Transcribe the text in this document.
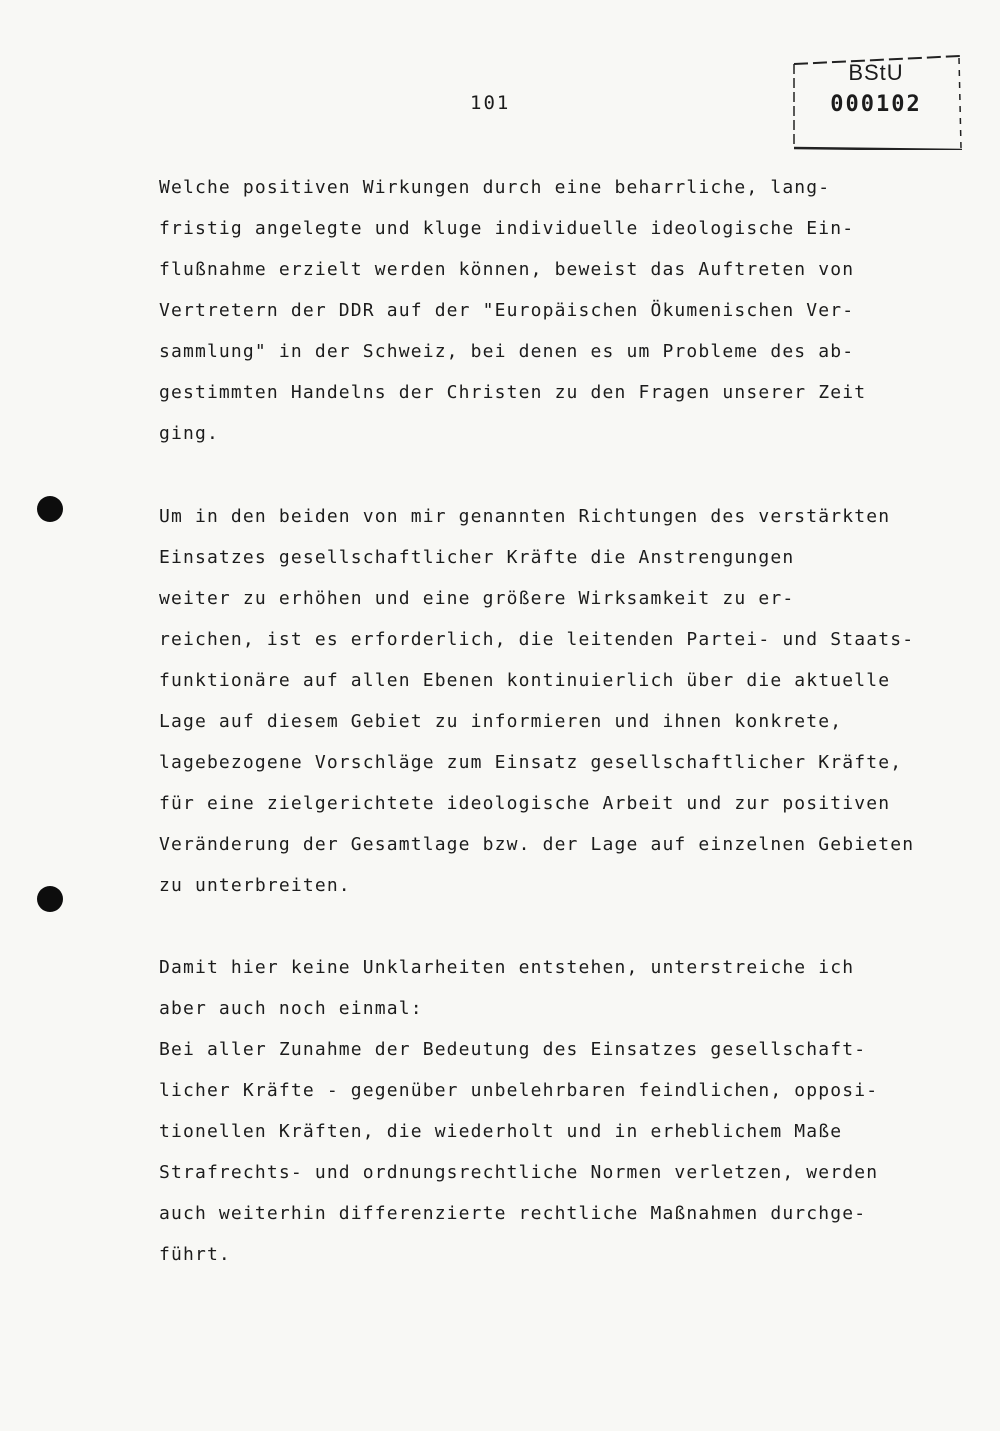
101
BStU
000102
Welche positiven Wirkungen durch eine beharrliche, lang-
fristig angelegte und kluge individuelle ideologische Ein-
flußnahme erzielt werden können, beweist das Auftreten von
Vertretern der DDR auf der "Europäischen Ökumenischen Ver-
sammlung" in der Schweiz, bei denen es um Probleme des ab-
gestimmten Handelns der Christen zu den Fragen unserer Zeit
ging.
Um in den beiden von mir genannten Richtungen des verstärkten
Einsatzes gesellschaftlicher Kräfte die Anstrengungen
weiter zu erhöhen und eine größere Wirksamkeit zu er-
reichen, ist es erforderlich, die leitenden Partei- und Staats-
funktionäre auf allen Ebenen kontinuierlich über die aktuelle
Lage auf diesem Gebiet zu informieren und ihnen konkrete,
lagebezogene Vorschläge zum Einsatz gesellschaftlicher Kräfte,
für eine zielgerichtete ideologische Arbeit und zur positiven
Veränderung der Gesamtlage bzw. der Lage auf einzelnen Gebieten
zu unterbreiten.
Damit hier keine Unklarheiten entstehen, unterstreiche ich
aber auch noch einmal:
Bei aller Zunahme der Bedeutung des Einsatzes gesellschaft-
licher Kräfte - gegenüber unbelehrbaren feindlichen, opposi-
tionellen Kräften, die wiederholt und in erheblichem Maße
Strafrechts- und ordnungsrechtliche Normen verletzen, werden
auch weiterhin differenzierte rechtliche Maßnahmen durchge-
führt.
